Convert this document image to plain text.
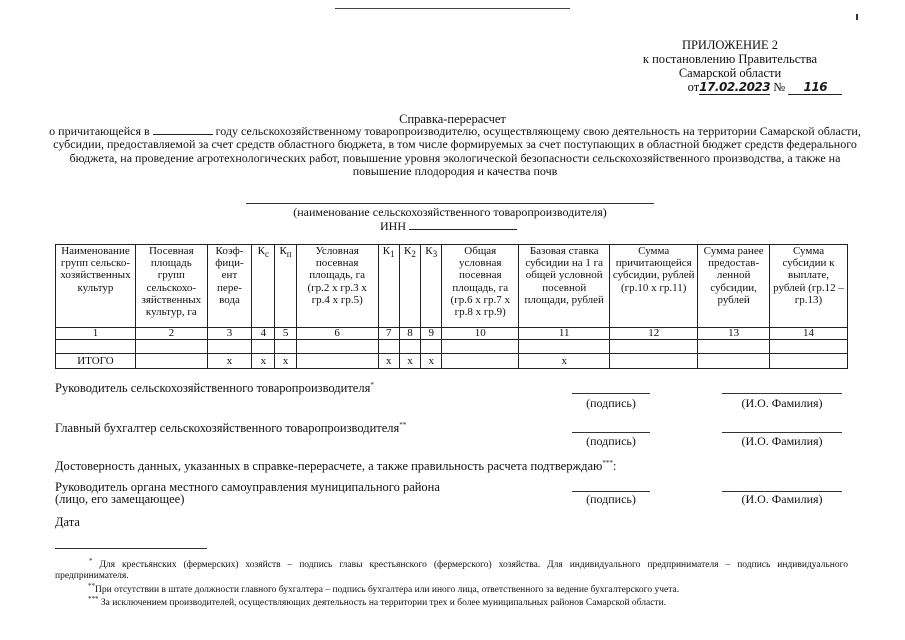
ПРИЛОЖЕНИЕ 2
к постановлению Правительства
Самарской области
от17.02.2023 № 116
Справка-перерасчет
о причитающейся в	году сельскохозяйственному товаропроизводителю, осуществляющему свою деятельность на территории Самарской области, субсидии, предоставляемой за счет средств областного бюджета, в том числе формируемых за счет поступающих в областной бюджет средств федерального бюджета, на проведение агротехнологических работ, повышение уровня экологической безопасности сельскохозяйственного производства, а также на повышение плодородия и качества почв
(наименование сельскохозяйственного товаропроизводителя)
ИНН
Наименование групп сельско-хозяйственных культур	Посевная площадь групп сельскохо-зяйственных культур, га	Коэф-фици-ент пере-вода	$К_с$	$К_п$	Условная посевная площадь, га (гр.2 x гр.3 x гр.4 x гр.5)	$К_1$	$К_2$	$К_3$	Общая условная посевная площадь, га (гр.6 x гр.7 x гр.8 x гр.9)	Базовая ставка субсидии на 1 га общей условной посевной площади, рублей	Сумма причитающейся субсидии, рублей (гр.10 x гр.11)	Сумма ранее предостав-ленной субсидии, рублей	Сумма субсидии к выплате, рублей (гр.12 – гр.13)
1	2	3	4	5	6	7	8	9	10	11	12	13	14

ИТОГО		x	x	x		x	x	x		x			
Руководитель сельскохозяйственного товаропроизводителя*
(подпись)	(И.О. Фамилия)
Главный бухгалтер сельскохозяйственного товаропроизводителя**
(подпись)	(И.О. Фамилия)
Достоверность данных, указанных в справке-перерасчете, а также правильность расчета подтверждаю***:
Руководитель органа местного самоуправления муниципального района
(лицо, его замещающее)	(подпись)	(И.О. Фамилия)
Дата
* Для крестьянских (фермерских) хозяйств – подпись главы крестьянского (фермерского) хозяйства. Для индивидуального предпринимателя – подпись индивидуального предпринимателя.
**При отсутствии в штате должности главного бухгалтера – подпись бухгалтера или иного лица, ответственного за ведение бухгалтерского учета.
*** За исключением производителей, осуществляющих деятельность на территории трех и более муниципальных районов Самарской области.
